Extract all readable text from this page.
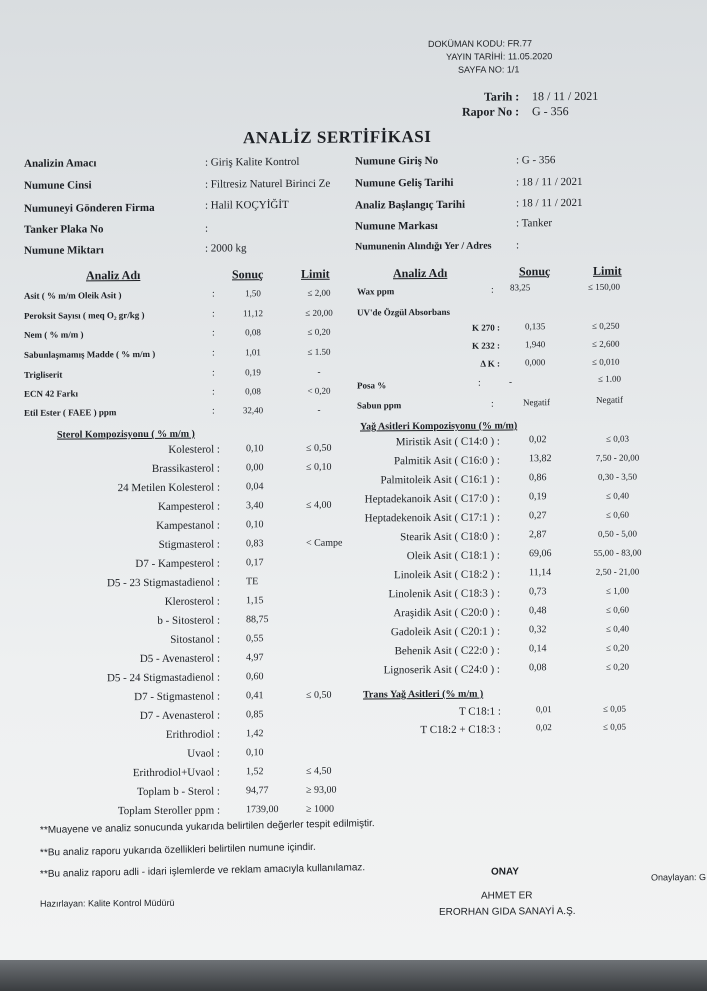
DOKÜMAN KODU: FR.77
YAYIN TARİHİ: 11.05.2020
SAYFA NO: 1/1
Tarih : 18 / 11 / 2021
Rapor No : G - 356
ANALİZ SERTİFİKASI
Analizin Amacı	: Giriş Kalite Kontrol
Numune Cinsi	: Filtresiz Naturel Birinci Ze
Numuneyi Gönderen Firma	: Halil KOÇYİĞİT
Tanker Plaka No	:
Numune Miktarı	: 2000 kg
Numune Giriş No	: G - 356
Numune Geliş Tarihi	: 18 / 11 / 2021
Analiz Başlangıç Tarihi	: 18 / 11 / 2021
Numune Markası	: Tanker
Numunenin Alındığı Yer / Adres :
Analiz Adı	Sonuç	Limit	Analiz Adı	Sonuç	Limit
Asit ( % m/m Oleik Asit )	:	1,50	≤ 2,00
Peroksit Sayısı ( meq O₂ gr/kg )	:	11,12	≤ 20,00
Nem ( % m/m )	:	0,08	≤ 0,20
Sabunlaşmamış Madde ( % m/m )	:	1,01	≤ 1.50
Trigliserit	:	0,19	-
ECN 42 Farkı	:	0,08	< 0,20
Etil Ester ( FAEE ) ppm	:	32,40	-
Wax ppm	: 83,25	≤ 150,00
UV'de Özgül Absorbans
K 270 :	0,135	≤ 0,250
K 232 :	1,940	≤ 2,600
Δ K :	0,000	≤ 0,010
Posa %	:	-	≤ 1.00
Sabun ppm	:	Negatif	Negatif
Sterol Kompozisyonu ( % m/m )
Yağ Asitleri Kompozisyonu (% m/m)
Trans Yağ Asitleri (% m/m )
Kolesterol :	0,10	≤ 0,50
Brassikasterol :	0,00	≤ 0,10
24 Metilen Kolesterol :	0,04
Kampesterol :	3,40	≤ 4,00
Kampestanol :	0,10
Stigmasterol :	0,83	< Campe
D7 - Kampesterol :	0,17
D5 - 23 Stigmastadienol :	TE
Klerosterol :	1,15
b - Sitosterol :	88,75
Sitostanol :	0,55
D5 - Avenasterol :	4,97
D5 - 24 Stigmastadienol :	0,60
D7 - Stigmastenol :	0,41	≤ 0,50
D7 - Avenasterol :	0,85
Erithrodiol :	1,42
Uvaol :	0,10
Erithrodiol+Uvaol :	1,52	≤ 4,50
Toplam b - Sterol :	94,77	≥ 93,00
Toplam Steroller ppm :	1739,00	≥ 1000
Miristik Asit ( C14:0 ) :	0,02	≤ 0,03
Palmitik Asit ( C16:0 ) :	13,82	7,50 - 20,00
Palmitoleik Asit ( C16:1 ) :	0,86	0,30 - 3,50
Heptadekanoik Asit ( C17:0 ) :	0,19	≤ 0,40
Heptadekenoik Asit ( C17:1 ) :	0,27	≤ 0,60
Stearik Asit ( C18:0 ) :	2,87	0,50 - 5,00
Oleik Asit ( C18:1 ) :	69,06	55,00 - 83,00
Linoleik Asit ( C18:2 ) :	11,14	2,50 - 21,00
Linolenik Asit ( C18:3 ) :	0,73	≤ 1,00
Araşidik Asit ( C20:0 ) :	0,48	≤ 0,60
Gadoleik Asit ( C20:1 ) :	0,32	≤ 0,40
Behenik Asit ( C22:0 ) :	0,14	≤ 0,20
Lignoserik Asit ( C24:0 ) :	0,08	≤ 0,20
T C18:1 :	0,01	≤ 0,05
T C18:2 + C18:3 :	0,02	≤ 0,05
**Muayene ve analiz sonucunda yukarıda belirtilen değerler tespit edilmiştir.
**Bu analiz raporu yukarıda özellikleri belirtilen numune içindir.
**Bu analiz raporu adli - idari işlemlerde ve reklam amacıyla kullanılamaz.	ONAY	Onaylayan: G
Hazırlayan: Kalite Kontrol Müdürü
AHMET ER
ERORHAN GIDA SANAYİ A.Ş.
